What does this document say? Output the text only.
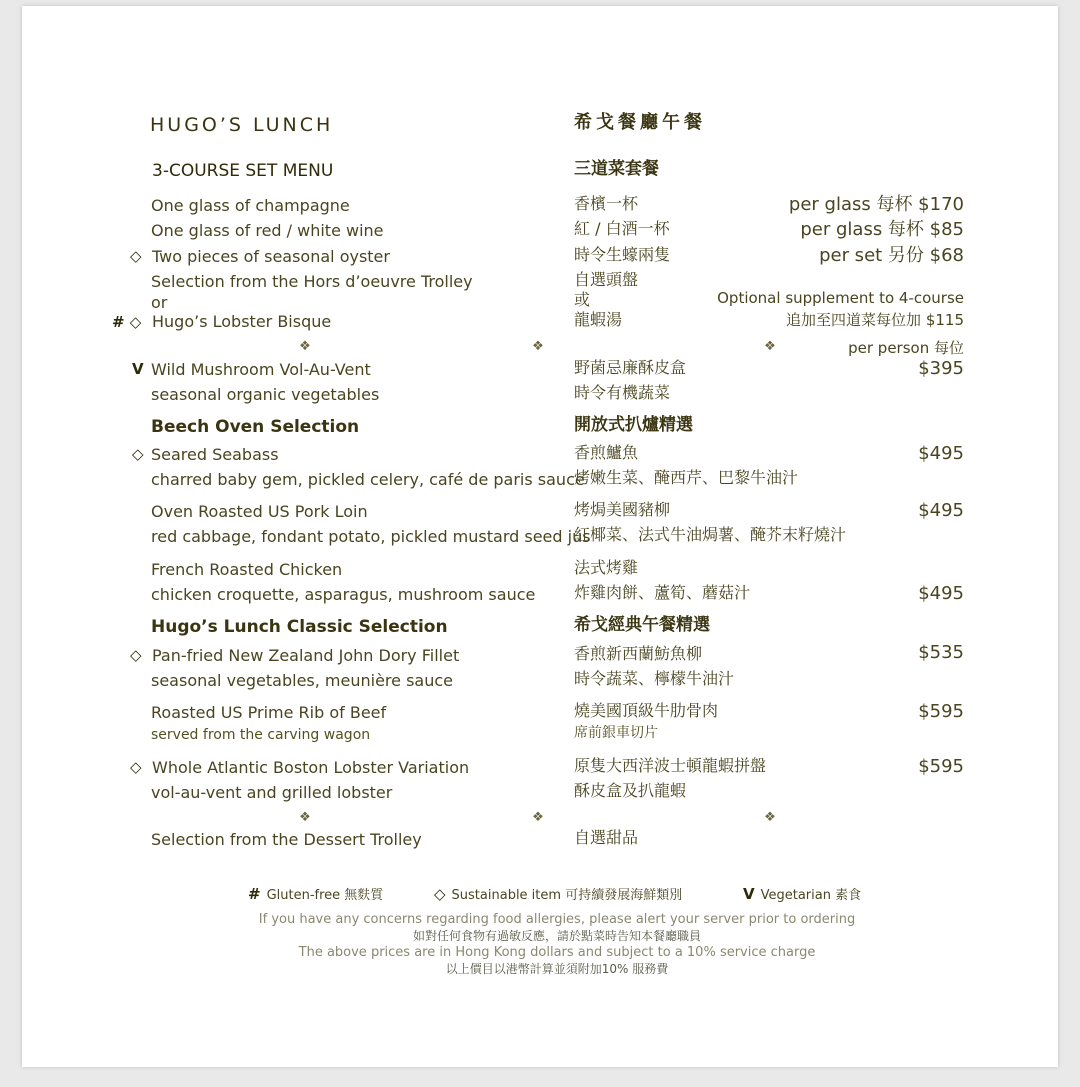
HUGO’S LUNCH	希戈餐廳午餐
3-COURSE SET MENU	三道菜套餐
One glass of champagne	香檳一杯	per glass 每杯 $170
One glass of red / white wine	紅 / 白酒一杯	per glass 每杯 $85
◇ Two pieces of seasonal oyster	時令生蠔兩隻	per set 另份 $68
Selection from the Hors d’oeuvre Trolley	自選頭盤
or	或	Optional supplement to 4-course
# ◇ Hugo’s Lobster Bisque	龍蝦湯	追加至四道菜每位加 $115
❖	❖	❖	per person 每位
V Wild Mushroom Vol-Au-Vent	野菌忌廉酥皮盒	$395
seasonal organic vegetables	時令有機蔬菜
Beech Oven Selection	開放式扒爐精選
◇ Seared Seabass	香煎鱸魚	$495
charred baby gem, pickled celery, café de paris sauce
烤嫩生菜、醃西芹、巴黎牛油汁
Oven Roasted US Pork Loin	烤焗美國豬柳	$495
red cabbage, fondant potato, pickled mustard seed jus
紅椰菜、法式牛油焗薯、醃芥末籽燒汁
French Roasted Chicken	法式烤雞
chicken croquette, asparagus, mushroom sauce 炸雞肉餅、蘆筍、蘑菇汁	$495
Hugo’s Lunch Classic Selection	希戈經典午餐精選
◇ Pan-fried New Zealand John Dory Fillet	香煎新西蘭魴魚柳	$535
seasonal vegetables, meunière sauce	時令蔬菜、檸檬牛油汁
Roasted US Prime Rib of Beef	燒美國頂級牛肋骨肉	$595
served from the carving wagon	席前銀車切片
◇ Whole Atlantic Boston Lobster Variation	原隻大西洋波士頓龍蝦拼盤	$595
vol-au-vent and grilled lobster	酥皮盒及扒龍蝦
❖	❖	❖
Selection from the Dessert Trolley	自選甜品
# Gluten-free 無麩質	◇ Sustainable item 可持續發展海鮮類別	V Vegetarian 素食
If you have any concerns regarding food allergies, please alert your server prior to ordering
如對任何食物有過敏反應，請於點菜時告知本餐廳職員
The above prices are in Hong Kong dollars and subject to a 10% service charge
以上價目以港幣計算並須附加10% 服務費
